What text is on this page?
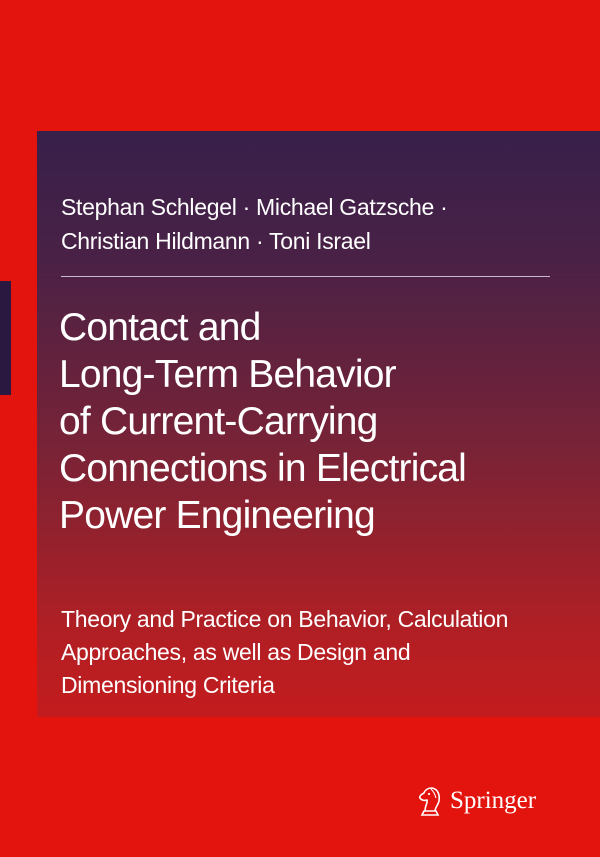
Stephan Schlegel · Michael Gatzsche ·
Christian Hildmann · Toni Israel
Contact and
Long-Term Behavior
of Current-Carrying
Connections in Electrical
Power Engineering
Theory and Practice on Behavior, Calculation
Approaches, as well as Design and
Dimensioning Criteria
Springer
